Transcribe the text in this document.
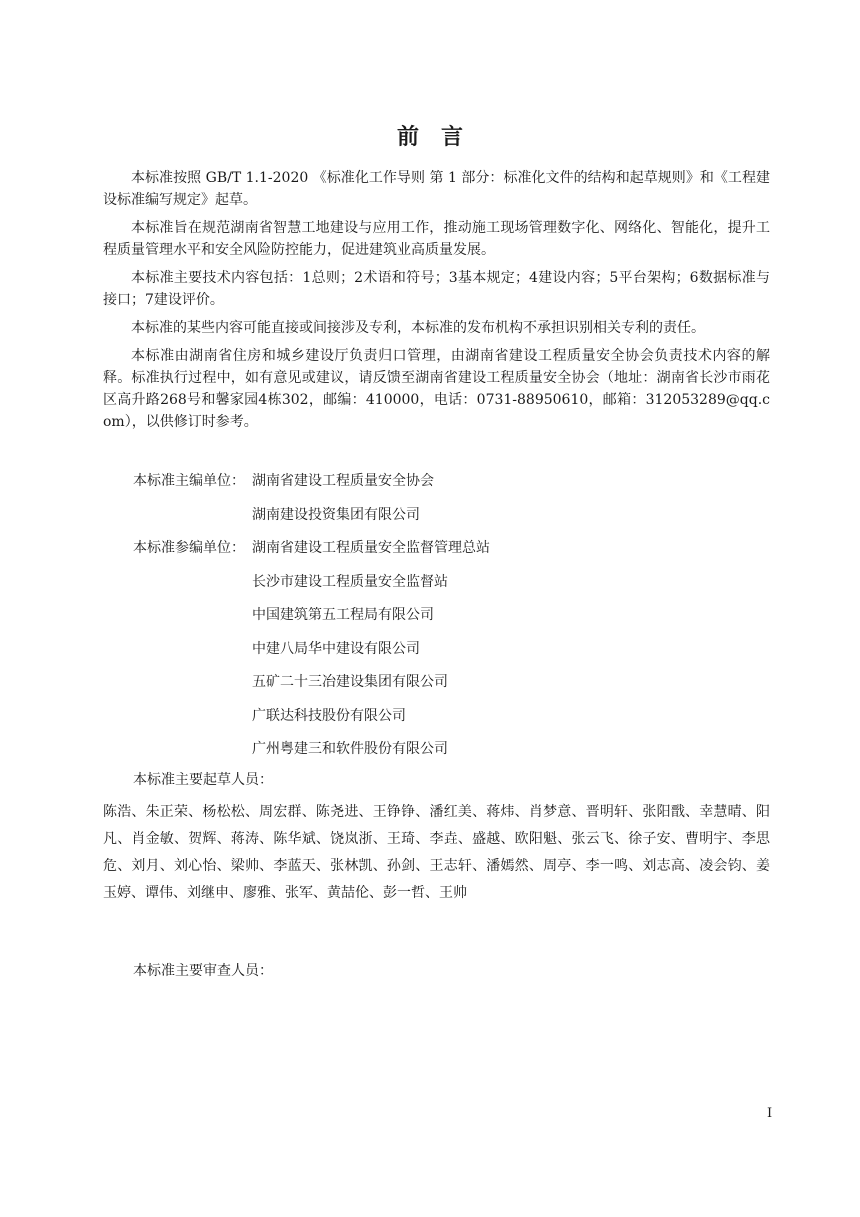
前言

本标准按照 GB/T 1.1-2020 《标准化工作导则 第 1 部分：标准化文件的结构和起草规则》和《工程建设标准编写规定》起草。

本标准旨在规范湖南省智慧工地建设与应用工作，推动施工现场管理数字化、网络化、智能化，提升工程质量管理水平和安全风险防控能力，促进建筑业高质量发展。

本标准主要技术内容包括：1总则；2术语和符号；3基本规定；4建设内容；5平台架构；6数据标准与接口；7建设评价。

本标准的某些内容可能直接或间接涉及专利，本标准的发布机构不承担识别相关专利的责任。

本标准由湖南省住房和城乡建设厅负责归口管理，由湖南省建设工程质量安全协会负责技术内容的解释。标准执行过程中，如有意见或建议，请反馈至湖南省建设工程质量安全协会（地址：湖南省长沙市雨花区高升路268号和馨家园4栋302，邮编：410000，电话：0731-88950610，邮箱：312053289@qq.com），以供修订时参考。

本标准主编单位： 湖南省建设工程质量安全协会
湖南建设投资集团有限公司
本标准参编单位： 湖南省建设工程质量安全监督管理总站
长沙市建设工程质量安全监督站
中国建筑第五工程局有限公司
中建八局华中建设有限公司
五矿二十三冶建设集团有限公司
广联达科技股份有限公司
广州粤建三和软件股份有限公司
本标准主要起草人员：
陈浩、朱正荣、杨松松、周宏群、陈尧进、王铮铮、潘红美、蒋炜、肖梦意、晋明轩、张阳戬、幸慧晴、阳凡、肖金敏、贺辉、蒋涛、陈华斌、饶岚浙、王琦、李垚、盛越、欧阳魁、张云飞、徐子安、曹明宇、李思危、刘月、刘心怡、梁帅、李蓝天、张林凯、孙剑、王志轩、潘嫣然、周亭、李一鸣、刘志高、凌会钧、姜玉婷、谭伟、刘继申、廖雅、张军、黄喆伦、彭一哲、王帅
本标准主要审查人员：
I
